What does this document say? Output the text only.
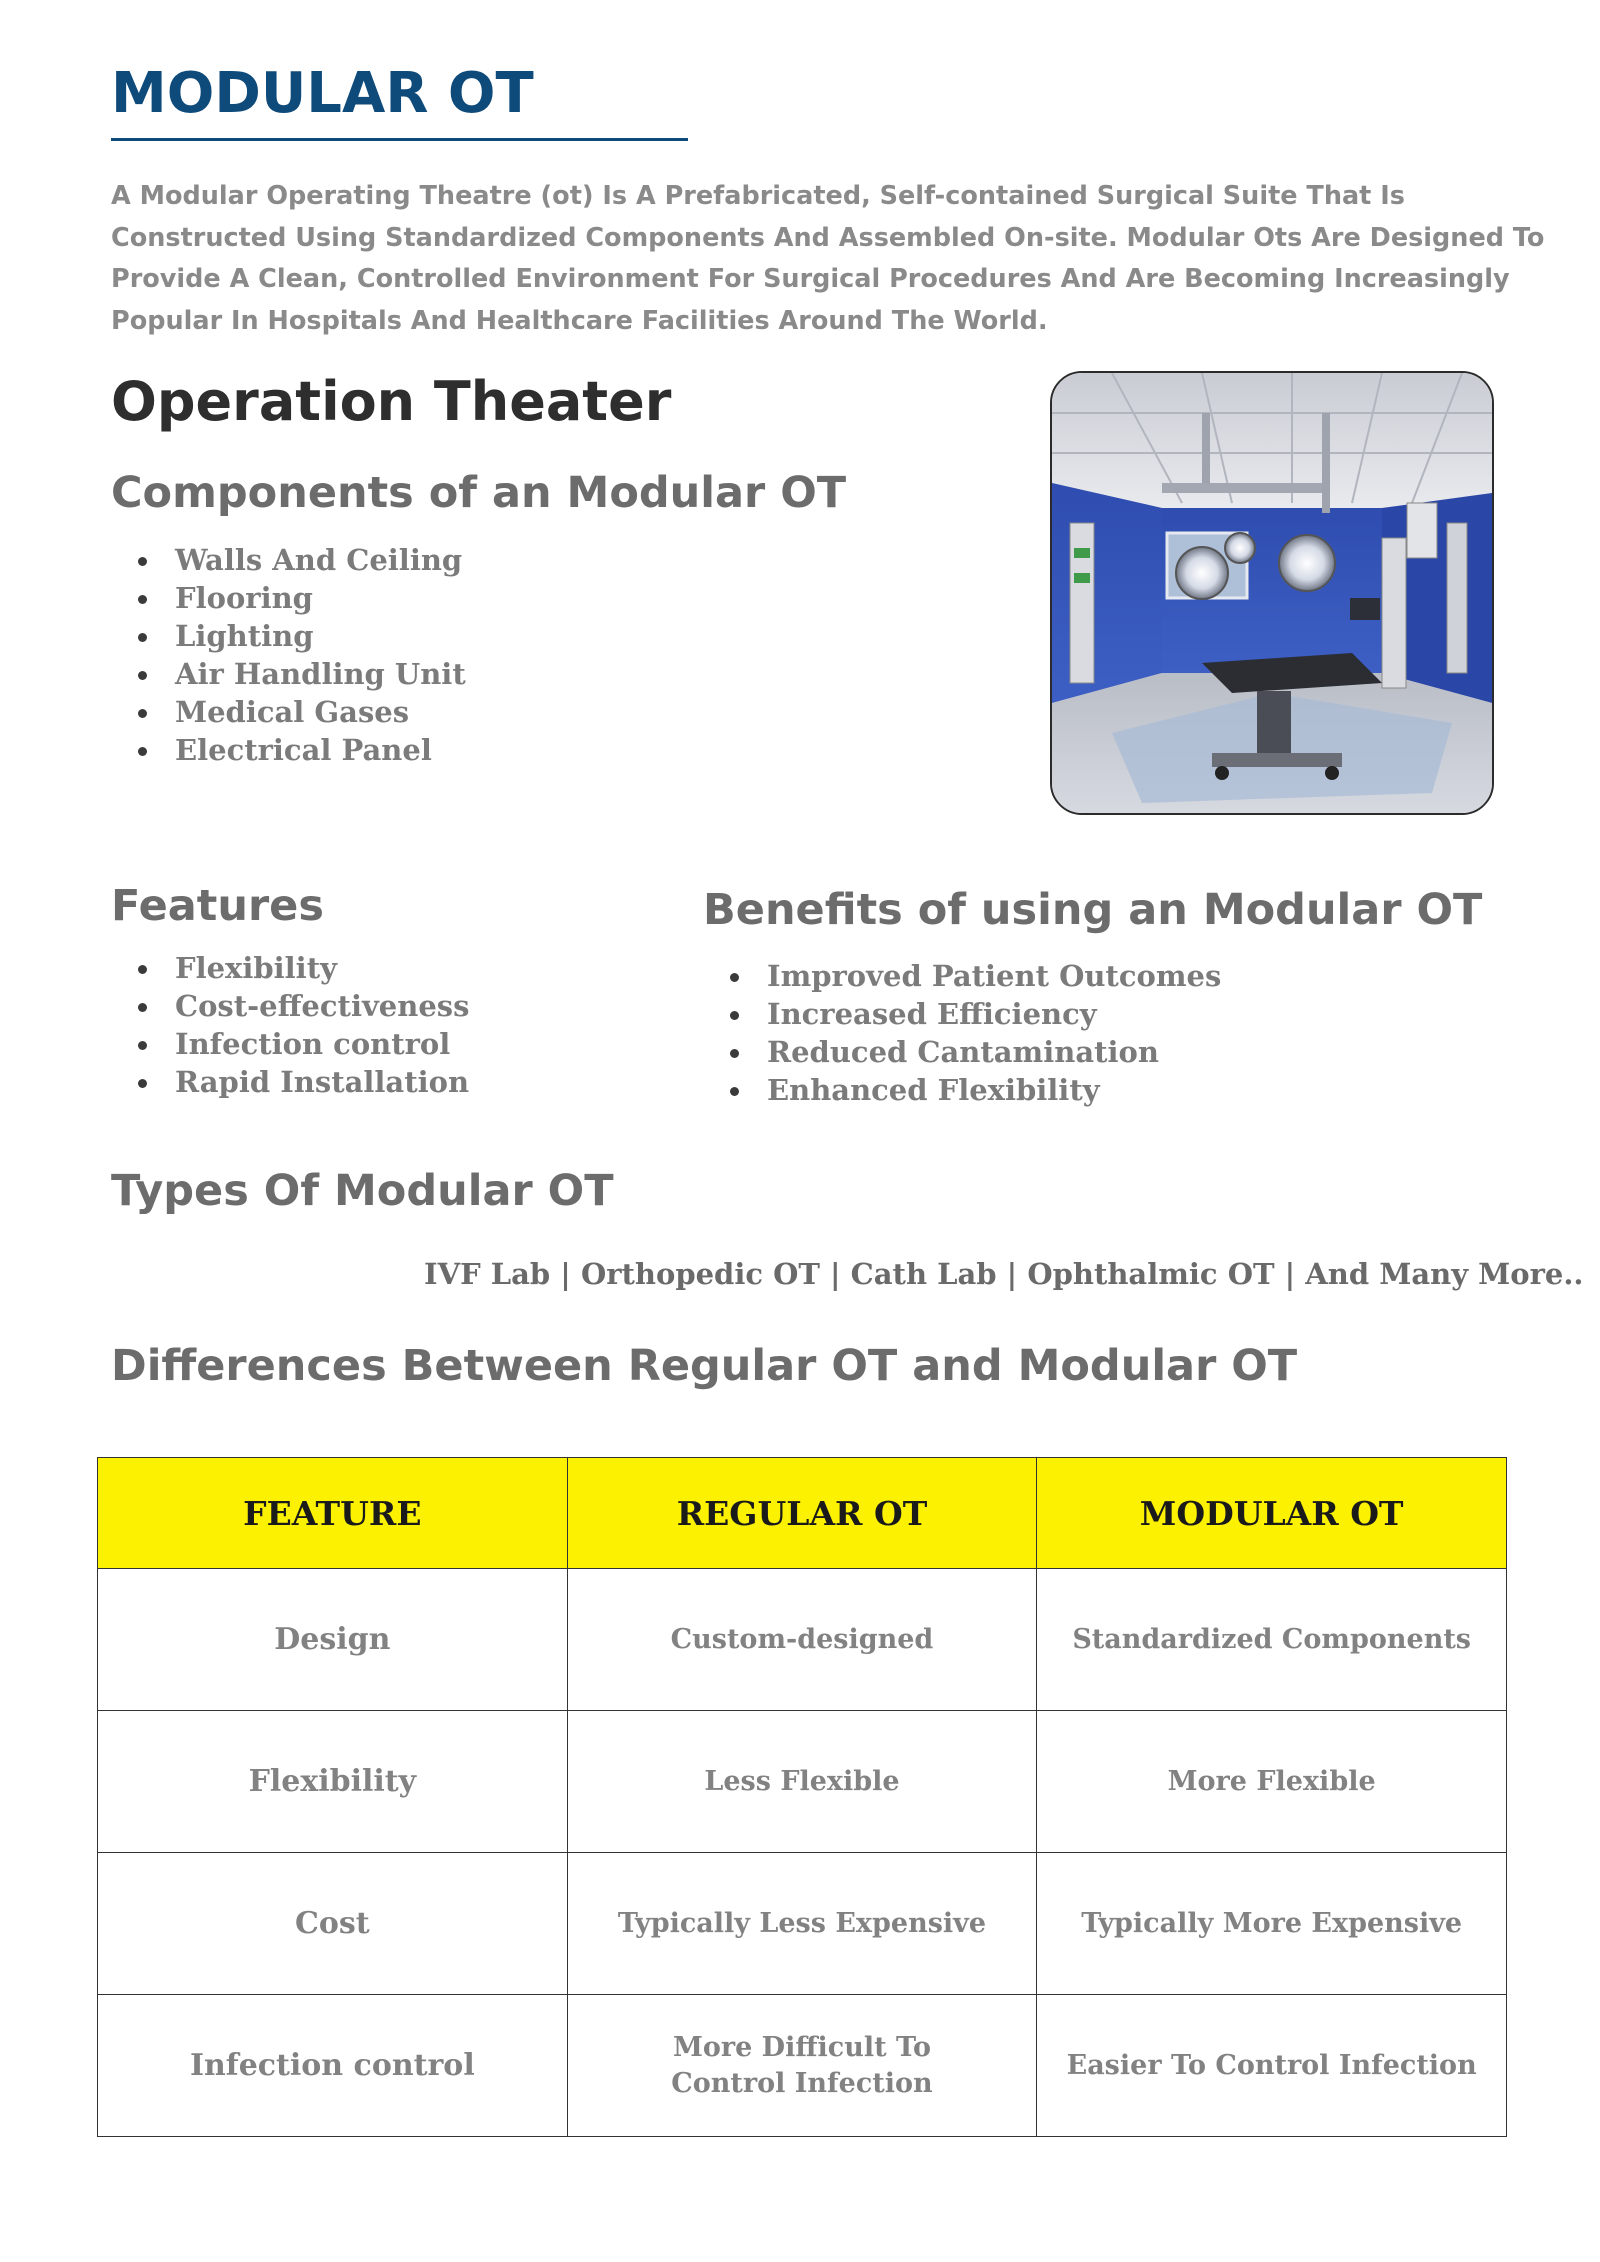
MODULAR OT

A Modular Operating Theatre (ot) Is A Prefabricated, Self-contained Surgical Suite That Is Constructed Using Standardized Components And Assembled On-site. Modular Ots Are Designed To Provide A Clean, Controlled Environment For Surgical Procedures And Are Becoming Increasingly Popular In Hospitals And Healthcare Facilities Around The World.

Operation Theater
Components of an Modular OT
Walls And Ceiling
Flooring
Lighting
Air Handling Unit
Medical Gases
Electrical Panel
Features
Flexibility
Cost-effectiveness
Infection control
Rapid Installation
Benefits of using an Modular OT
Improved Patient Outcomes
Increased Efficiency
Reduced Cantamination
Enhanced Flexibility
Types Of Modular OT

IVF Lab | Orthopedic OT | Cath Lab | Ophthalmic OT | And Many More..

Differences Between Regular OT and Modular OT
FEATURE	REGULAR OT	MODULAR OT
Design	Custom-designed	Standardized Components
Flexibility	Less Flexible	More Flexible
Cost	Typically Less Expensive	Typically More Expensive
Infection control	More Difficult To Control Infection	Easier To Control Infection
